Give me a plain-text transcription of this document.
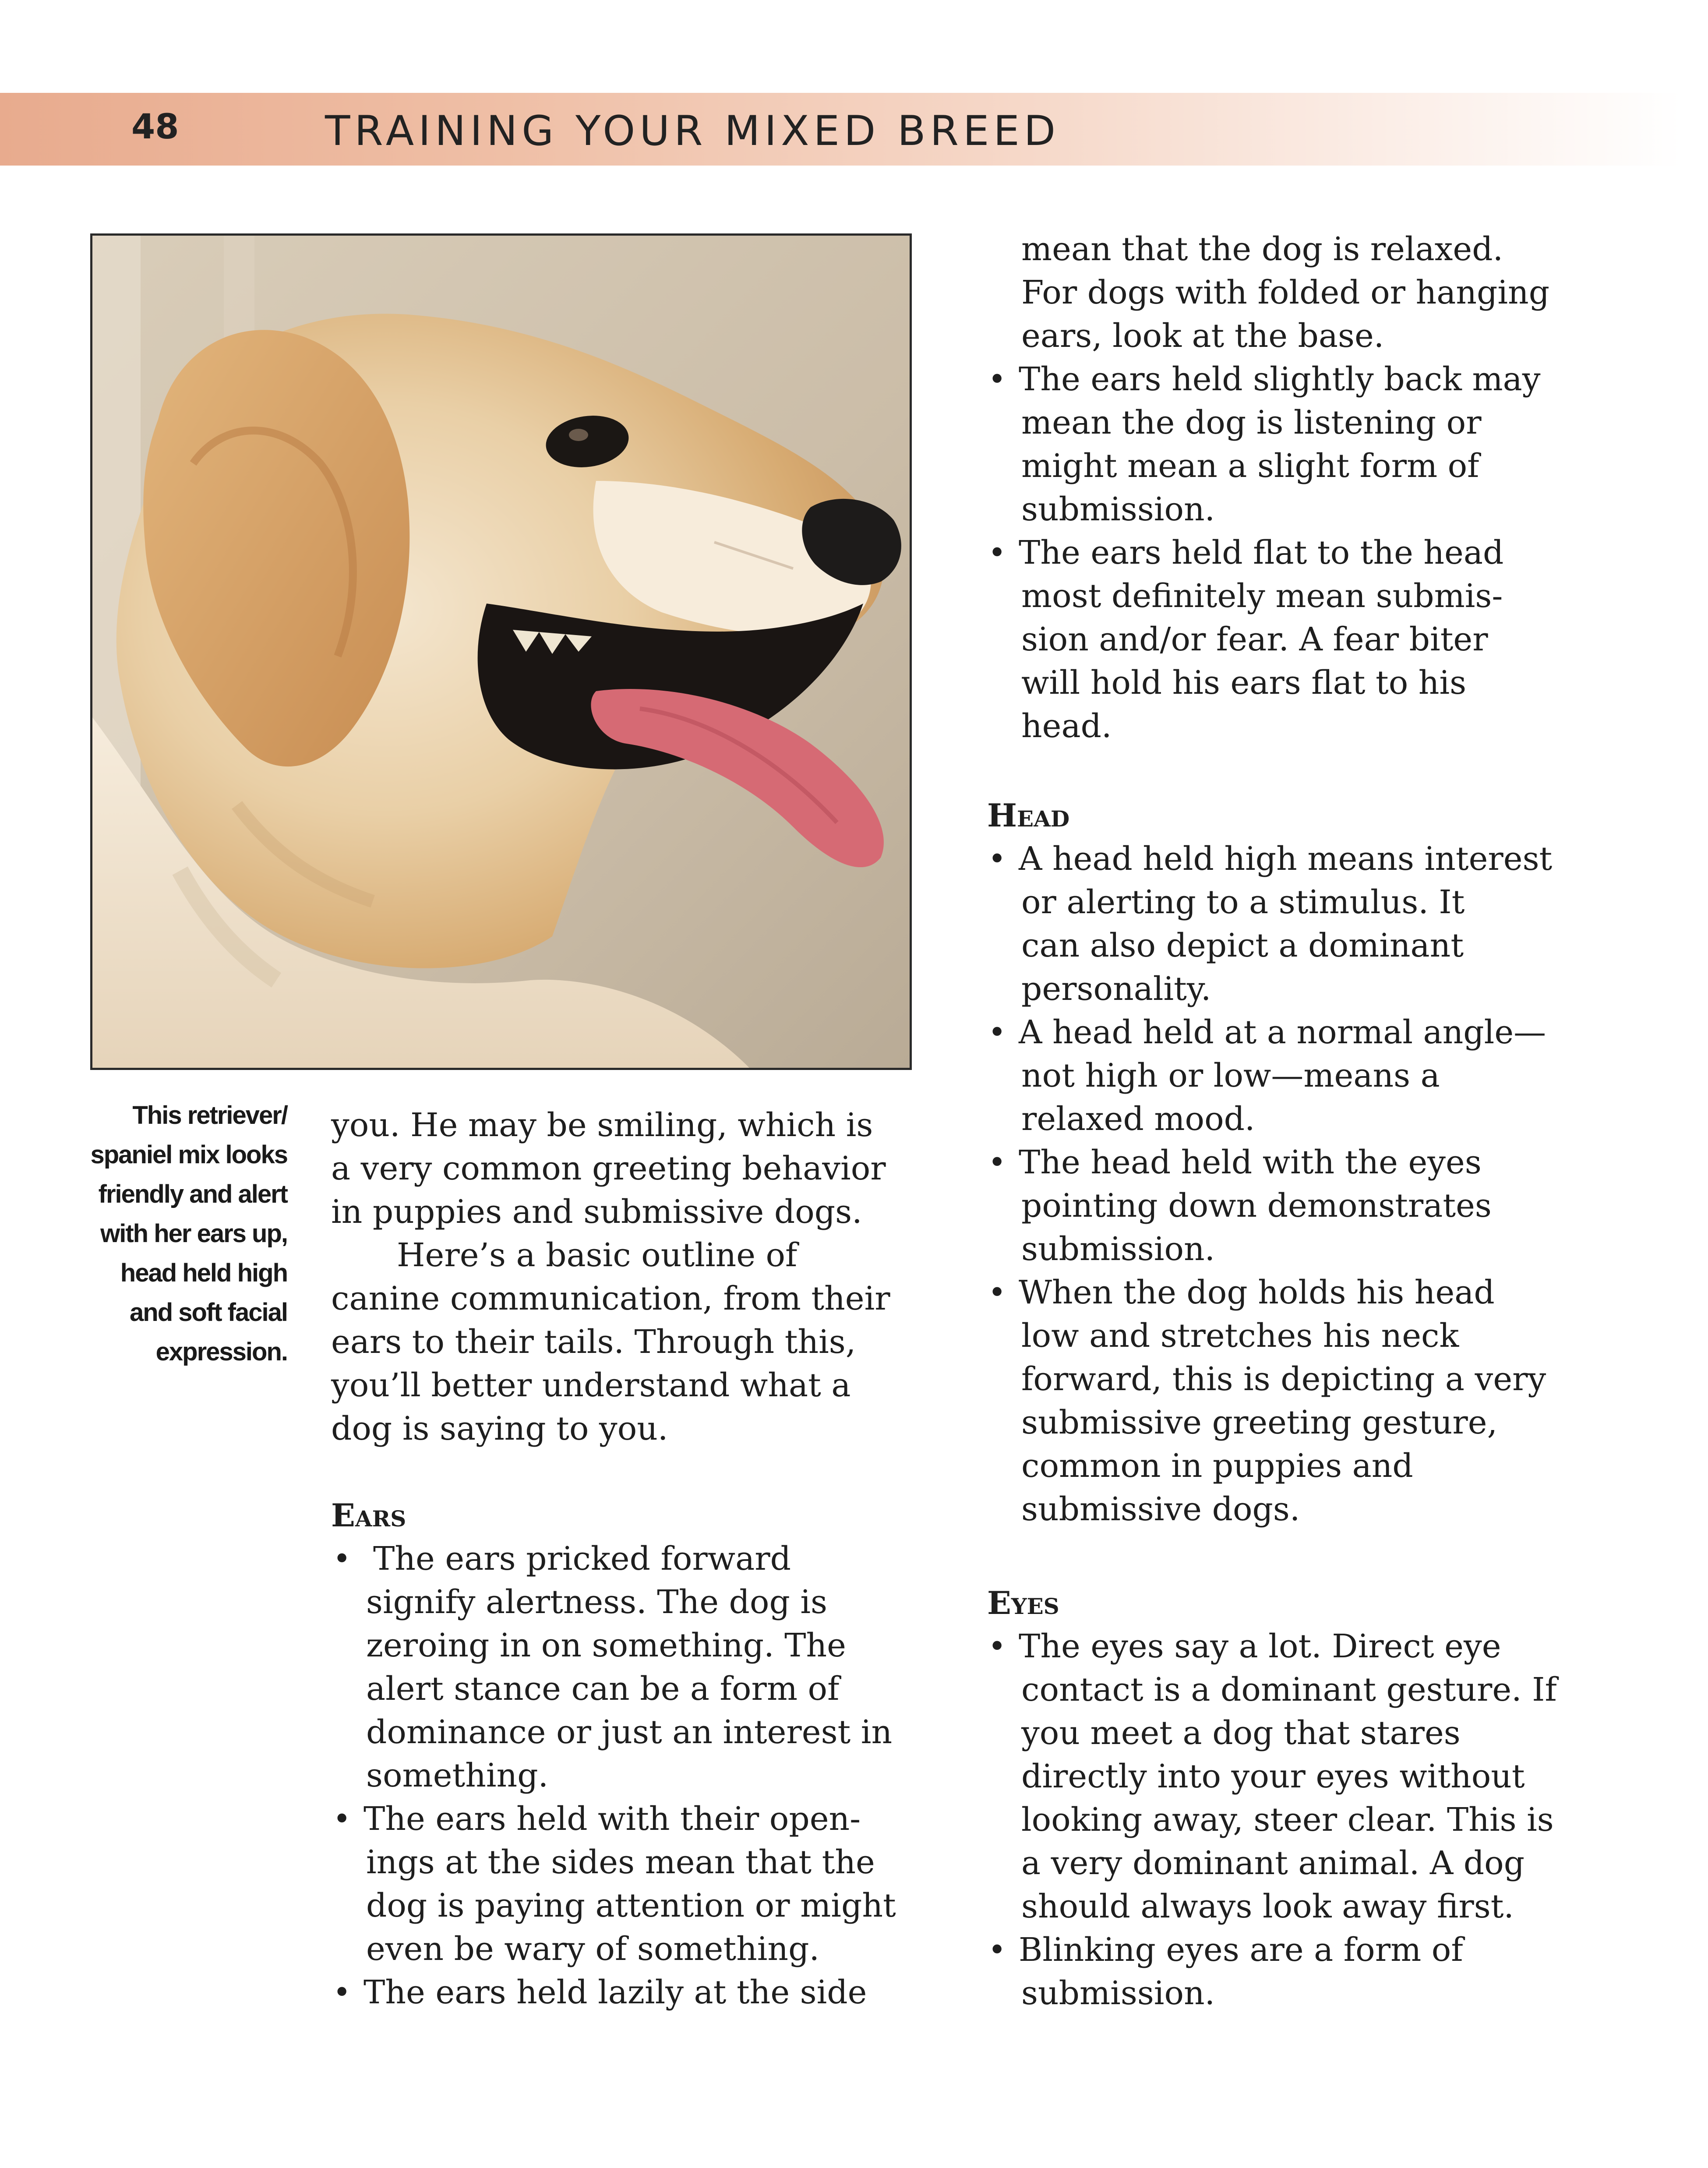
48	TRAINING YOUR MIXED BREED
This retriever/
spaniel mix looks
friendly and alert
with her ears up,
head held high
and soft facial
expression.
you. He may be smiling, which is
a very common greeting behavior
in puppies and submissive dogs.
Here’s a basic outline of
canine communication, from their
ears to their tails. Through this,
you’ll better understand what a
dog is saying to you.
Ears
• The ears pricked forward
signify alertness. The dog is
zeroing in on something. The
alert stance can be a form of
dominance or just an interest in
something.
• The ears held with their open-
ings at the sides mean that the
dog is paying attention or might
even be wary of something.
• The ears held lazily at the side
mean that the dog is relaxed.
For dogs with folded or hanging
ears, look at the base.
• The ears held slightly back may
mean the dog is listening or
might mean a slight form of
submission.
• The ears held flat to the head
most definitely mean submis-
sion and/or fear. A fear biter
will hold his ears flat to his
head.
Head
• A head held high means interest
or alerting to a stimulus. It
can also depict a dominant
personality.
• A head held at a normal angle—
not high or low—means a
relaxed mood.
• The head held with the eyes
pointing down demonstrates
submission.
• When the dog holds his head
low and stretches his neck
forward, this is depicting a very
submissive greeting gesture,
common in puppies and
submissive dogs.
Eyes
• The eyes say a lot. Direct eye
contact is a dominant gesture. If
you meet a dog that stares
directly into your eyes without
looking away, steer clear. This is
a very dominant animal. A dog
should always look away first.
• Blinking eyes are a form of
submission.
